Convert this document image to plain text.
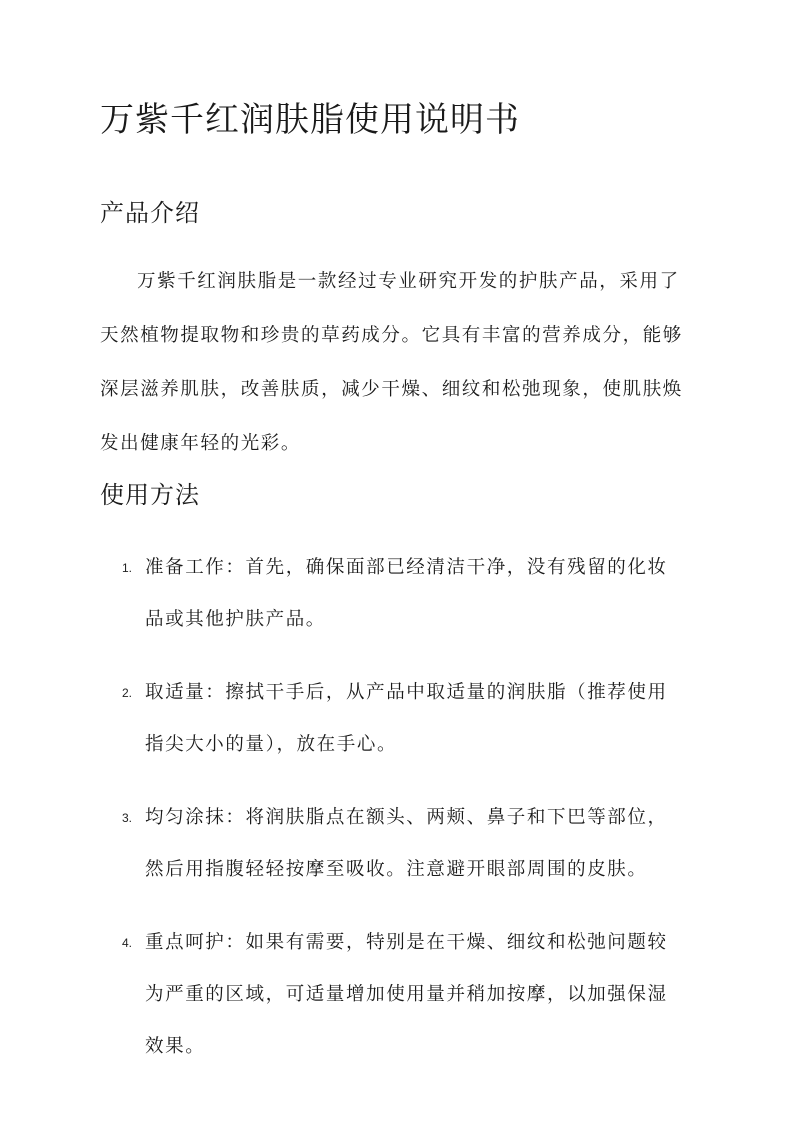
万紫千红润肤脂使用说明书
产品介绍

万紫千红润肤脂是一款经过专业研究开发的护肤产品，采用了
天然植物提取物和珍贵的草药成分。它具有丰富的营养成分，能够
深层滋养肌肤，改善肤质，减少干燥、细纹和松弛现象，使肌肤焕
发出健康年轻的光彩。

使用方法
1. 准备工作：首先，确保面部已经清洁干净，没有残留的化妆
品或其他护肤产品。
2. 取适量：擦拭干手后，从产品中取适量的润肤脂（推荐使用
指尖大小的量），放在手心。
3. 均匀涂抹：将润肤脂点在额头、两颊、鼻子和下巴等部位，
然后用指腹轻轻按摩至吸收。注意避开眼部周围的皮肤。
4. 重点呵护：如果有需要，特别是在干燥、细纹和松弛问题较
为严重的区域，可适量增加使用量并稍加按摩，以加强保湿
效果。
